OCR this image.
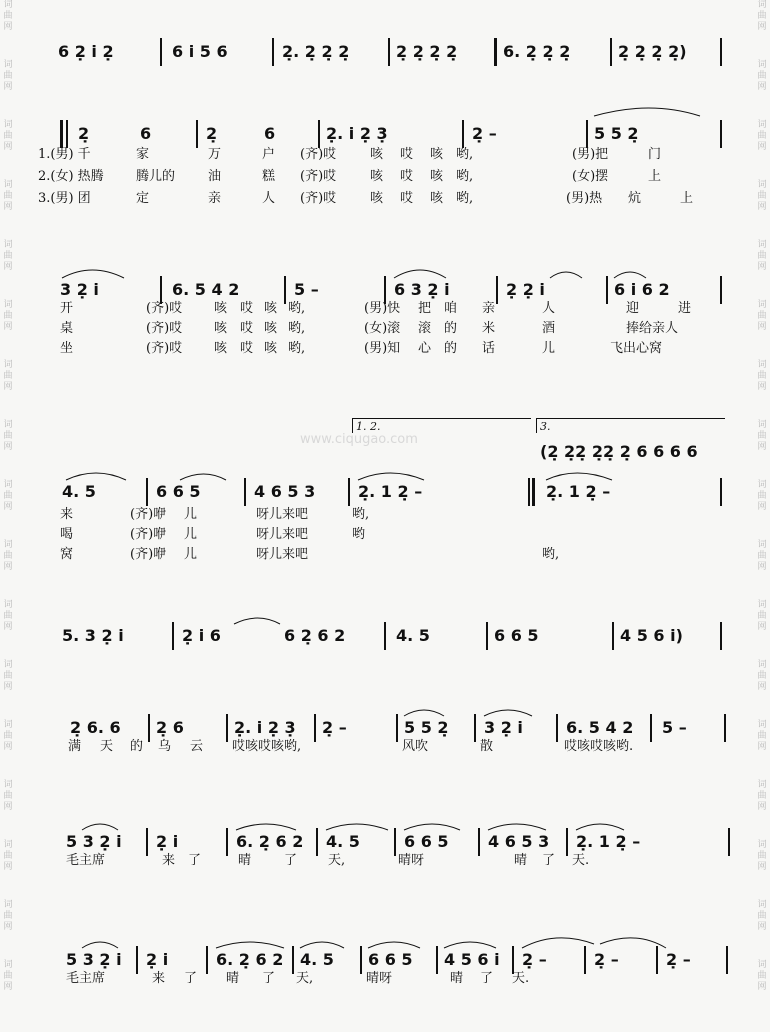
词
曲
网
词
曲
网
词
曲
网
词
曲
网
词
曲
网
词
曲
网
词
曲
网
词
曲
网
词
曲
网
词
曲
网
词
曲
网
词
曲
网
词
曲
网
词
曲
网
词
曲
网
词
曲
网
词
曲
网
词
曲
网
词
曲
网
词
曲
网
词
曲
网
词
曲
网
词
曲
网
词
曲
网
词
曲
网
词
曲
网
词
曲
网
词
曲
网
词
曲
网
词
曲
网
词
曲
网
词
曲
网
词
曲
网
词
曲
网
6 2̣ i 2̣	6 i 5 6	2̣. 2̣ 2̣ 2̣	2̣ 2̣ 2̣ 2̣	6. 2̣ 2̣ 2̣	2̣ 2̣ 2̣ 2̣)
2̣	6	2̣	6	2̣. i 2̣ 3̣	2̣ –	5 5 2̣
1.(男) 千	家	万	户 (齐)哎	咳 哎 咳 哟,	(男)把	门
2.(女) 热腾 腾儿的	油	糕 (齐)哎	咳 哎 咳 哟,	(女)摆	上
3.(男) 团	定	亲	人 (齐)哎	咳 哎 咳 哟,	(男)热 炕	上
3 2̣ i	6. 5 4 2	5 –	6 3 2̣ i	2̣ 2̣ i	6 i 6 2
开	(齐)哎 咳 哎 咳 哟,	(男)快 把 咱 亲	人	迎	进
桌	(齐)哎 咳 哎 咳 哟,	(女)滚 滚 的 米	酒	捧给亲人
坐	(齐)哎 咳 哎 咳 哟,	(男)知 心 的 话	儿	飞出心窝
www.ciqugao.com
1. 2.	3.
(2̣ 2̣2̣ 2̣2̣ 2̣ 6 6 6 6
4. 5	6 6 5	4 6 5 3	2̣. 1 2̣ –	2̣. 1 2̣ –
来	(齐)咿 儿	呀儿来吧	哟,
喝	(齐)咿 儿	呀儿来吧	哟
窝	(齐)咿 儿	呀儿来吧	哟,
5. 3 2̣ i	2̣ i 6	6 2̣ 6 2	4. 5	6 6 5	4 5 6 i)
2̣ 6. 6 2̣ 6	2̣. i 2̣ 3̣ 2̣ –	5 5 2̣ 3 2̣ i	6. 5 4 2 5 –
满 天 的 乌 云 哎咳哎咳哟,	风吹	散	哎咳哎咳哟.
5 3 2̣ i 2̣ i	6. 2̣ 6 2 4. 5	6 6 5 4 6 5 3 2̣. 1 2̣ –
毛主席	来 了	晴	了 天,	晴呀	晴 了 天.
5 3 2̣ i 2̣ i	6. 2̣ 6 2 4. 5 6 6 5 4 5 6 i 2̣ –	2̣ –	2̣ –
毛主席	来 了 晴 了 天,	晴呀	晴 了 天.
